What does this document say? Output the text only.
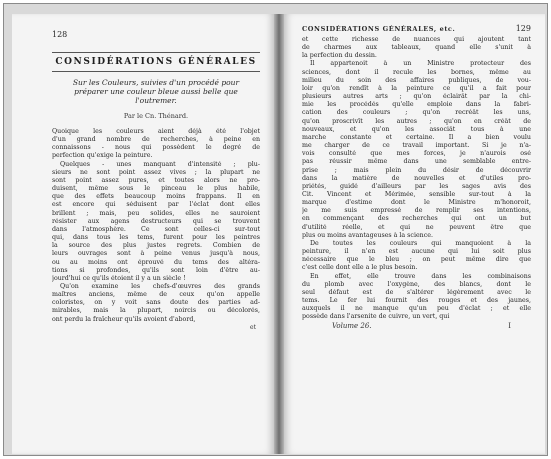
128
CONSIDÉRATIONS GÉNÉRALES
Sur les Couleurs, suivies d'un procédé pour préparer une couleur bleue aussi belle que l'outremer.
Par le Cn. Thénard.
Quoique les couleurs aient déjà été l'objet
d'un grand nombre de recherches, à peine en
connaissons - nous qui possèdent le degré de
perfection qu'exige la peinture.
Quelques - unes manquant d'intensité ; plu-
sieurs ne sont point assez vives ; la plupart ne
sont point assez pures, et toutes alors ne pro-
duisent, même sous le pinceau le plus habile,
que des effets beaucoup moins frappans. Il en
est encore qui séduisent par l'éclat dont elles
brillent ; mais, peu solides, elles ne sauroient
résister aux agens destructeurs qui se trouvent
dans l'atmosphère. Ce sont celles-ci sur-tout
qui, dans tous les tems, furent pour les peintres
la source des plus justes regrets. Combien de
leurs ouvrages sont à peine venus jusqu'à nous,
ou au moins ont éprouvé du tems des altéra-
tions si profondes, qu'ils sont loin d'être au-
jourd'hui ce qu'ils étoient il y a un siècle !
Qu'on examine les chefs-d'œuvres des grands
maîtres anciens, même de ceux qu'on appelle
coloristes, on y voit sans doute des parties ad-
mirables, mais la plupart, noircis ou décolorés,
ont perdu la fraîcheur qu'ils avoient d'abord,
et
CONSIDÉRATIONS GÉNÉRALES, etc.	129
et cette richesse de nuances qui ajoutent tant
de charmes aux tableaux, quand elle s'unit à
la perfection du dessin.
Il appartenoit à un Ministre protecteur des
sciences, dont il recule les bornes, même au
milieu du soin des affaires publiques, de vou-
loir qu'on rendît à la peinture ce qu'il a fait pour
plusieurs autres arts ; qu'on éclairât par la chi-
mie les procédés qu'elle emploie dans la fabri-
cation des couleurs ; qu'on recréât les uns,
qu'on proscrivît les autres ; qu'on en créât de
nouveaux, et qu'on les associât tous à une
marche constante et certaine. Il a bien voulu
me charger de ce travail important. Si je n'a-
vois consulté que mes forces, je n'aurois osé
pas réussir même dans une semblable entre-
prise ; mais plein du désir de découvrir
dans la matière de nouvelles et d'utiles pro-
priétés, guidé d'ailleurs par les sages avis des
Cit. Vincent et Mérimée, sensible sur-tout à la
marque d'estime dont le Ministre m'honoroit,
je me suis empressé de remplir ses intentions,
en commençant des recherches qui ont un but
d'utilité réelle, et qui ne peuvent être que
plus ou moins avantageuses à la science.
De toutes les couleurs qui manquoient à la
peinture, il n'en est aucune qui lui soit plus
nécessaire que le bleu ; on peut même dire que
c'est celle dont elle a le plus besoin.
En effet, elle trouve dans les combinaisons
du plomb avec l'oxygène, des blancs, dont le
seul défaut est de s'altérer légèrement avec le
tems. Le fer lui fournit des rouges et des jaunes,
auxquels il ne manque qu'un peu d'éclat ; et elle
possède dans l'arsenite de cuivre, un vert, qui
Volume 26.	I
